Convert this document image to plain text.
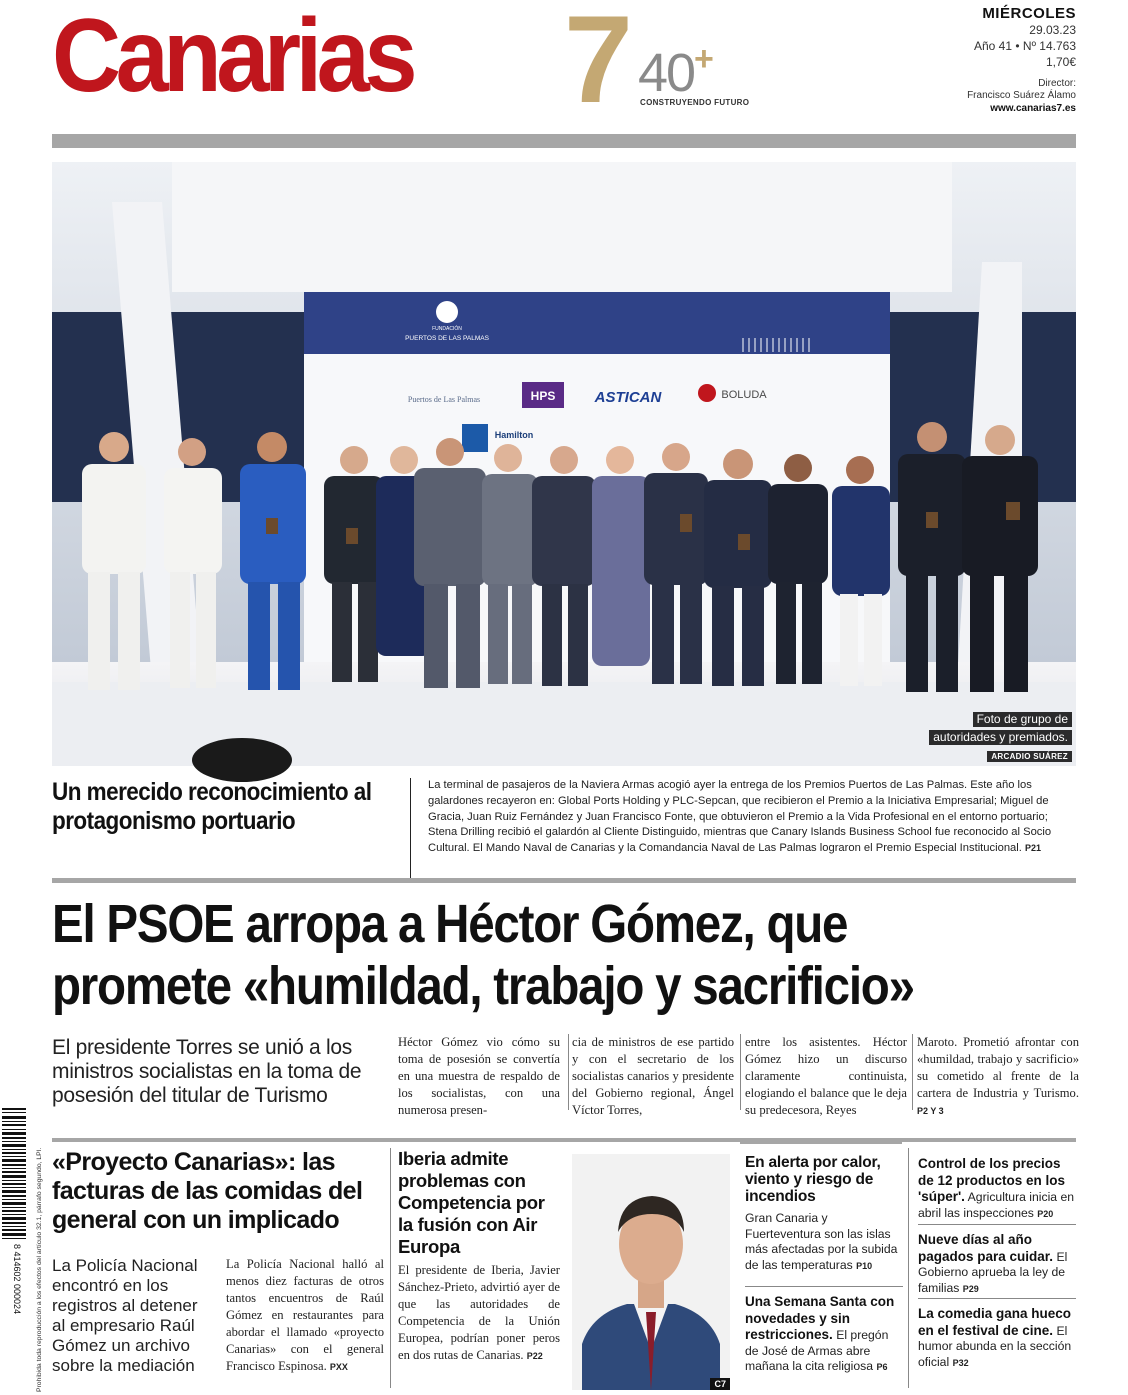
Canarias 7 40 +
CONSTRUYENDO FUTURO
MIÉRCOLES
29.03.23
Año 41 • Nº 14.763
1,70€
Director:
Francisco Suárez Álamo
www.canarias7.es
FUNDACIÓN
PUERTOS DE LAS PALMAS
Puertos de Las Palmas	HPS	ASTICAN	BOLUDA
Hamilton
Foto de grupo de
autoridades y premiados.
ARCADIO SUÁREZ
Un merecido reconocimiento al protagonismo portuario
La terminal de pasajeros de la Naviera Armas acogió ayer la entrega de los Premios Puertos de Las Palmas. Este año los galardones recayeron en: Global Ports Holding y PLC-Sepcan, que recibieron el Premio a la Iniciativa Empresarial; Miguel de Gracia, Juan Ruiz Fernández y Juan Francisco Fonte, que obtuvieron el Premio a la Vida Profesional en el entorno portuario; Stena Drilling recibió el galardón al Cliente Distinguido, mientras que Canary Islands Business School fue reconocido al Socio Cultural. El Mando Naval de Canarias y la Comandancia Naval de Las Palmas lograron el Premio Especial Institucional. P21
El PSOE arropa a Héctor Gómez, que
promete «humildad, trabajo y sacrificio»
El presidente Torres se unió a los ministros socialistas en la toma de posesión del titular de Turismo
Héctor Gómez vio cómo su toma de posesión se convertía en una muestra de respaldo de los socialistas, con una numerosa presen-
cia de ministros de ese partido y con el secretario de los socialistas canarios y presidente del Gobierno regional, Ángel Víctor Torres,
entre los asistentes. Héctor Gómez hizo un discurso claramente continuista, elogiando el balance que le deja su predecesora, Reyes
Maroto. Prometió afrontar con «humildad, trabajo y sacrificio» su cometido al frente de la cartera de Industria y Turismo. P2 Y 3
8 414602 000024 Prohibida toda reproducción a los efectos del artículo 32.1, párrafo segundo, LPI. «Proyecto Canarias»: las facturas de las comidas del general con un implicado
La Policía Nacional encontró en los registros al detener al empresario Raúl Gómez un archivo sobre la mediación
La Policía Nacional halló al menos diez facturas de otros tantos encuentros de Raúl Gómez en restaurantes para abordar el llamado «proyecto Canarias» con el general Francisco Espinosa. PXX
Iberia admite problemas con Competencia por la fusión con Air Europa
El presidente de Iberia, Javier Sánchez-Prieto, advirtió ayer de que las autoridades de Competencia de la Unión Europea, podrían poner peros en dos rutas de Canarias. P22
C7
En alerta por calor, viento y riesgo de incendios
Gran Canaria y Fuerteventura son las islas más afectadas por la subida de las temperaturas P10
Una Semana Santa con novedades y sin restricciones. El pregón de José de Armas abre mañana la cita religiosa P6
Control de los precios de 12 productos en los 'súper'. Agricultura inicia en abril las inspecciones P20
Nueve días al año pagados para cuidar. El Gobierno aprueba la ley de familias P29
La comedia gana hueco en el festival de cine. El humor abunda en la sección oficial P32
